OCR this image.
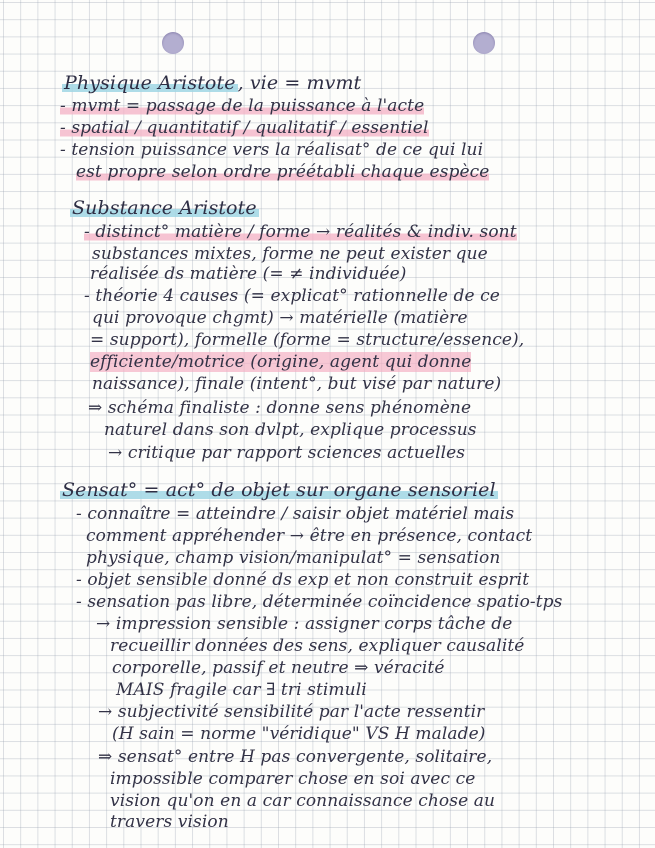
Physique Aristote , vie = mvmt
- mvmt = passage de la puissance à l'acte
- spatial / quantitatif / qualitatif / essentiel
- tension puissance vers la réalisat° de ce qui lui
est propre selon ordre préétabli chaque espèce
Substance Aristote
- distinct° matière / forme → réalités & indiv. sont
substances mixtes, forme ne peut exister que
réalisée ds matière (= ≠ individuée)
- théorie 4 causes (= explicat° rationnelle de ce
qui provoque chgmt) → matérielle (matière
= support), formelle (forme = structure/essence),
efficiente/motrice (origine, agent qui donne
naissance), finale (intent°, but visé par nature)
⇒ schéma finaliste : donne sens phénomène
naturel dans son dvlpt, explique processus
→ critique par rapport sciences actuelles
Sensat° = act° de objet sur organe sensoriel
- connaître = atteindre / saisir objet matériel mais
comment appréhender → être en présence, contact
physique, champ vision/manipulat° = sensation
- objet sensible donné ds exp et non construit esprit
- sensation pas libre, déterminée coïncidence spatio-tps
→ impression sensible : assigner corps tâche de
recueillir données des sens, expliquer causalité
corporelle, passif et neutre ⇒ véracité
MAIS fragile car ∃ tri stimuli
→ subjectivité sensibilité par l'acte ressentir
(H sain = norme "véridique" VS H malade)
⇒ sensat° entre H pas convergente, solitaire,
impossible comparer chose en soi avec ce
vision qu'on en a car connaissance chose au
travers vision
